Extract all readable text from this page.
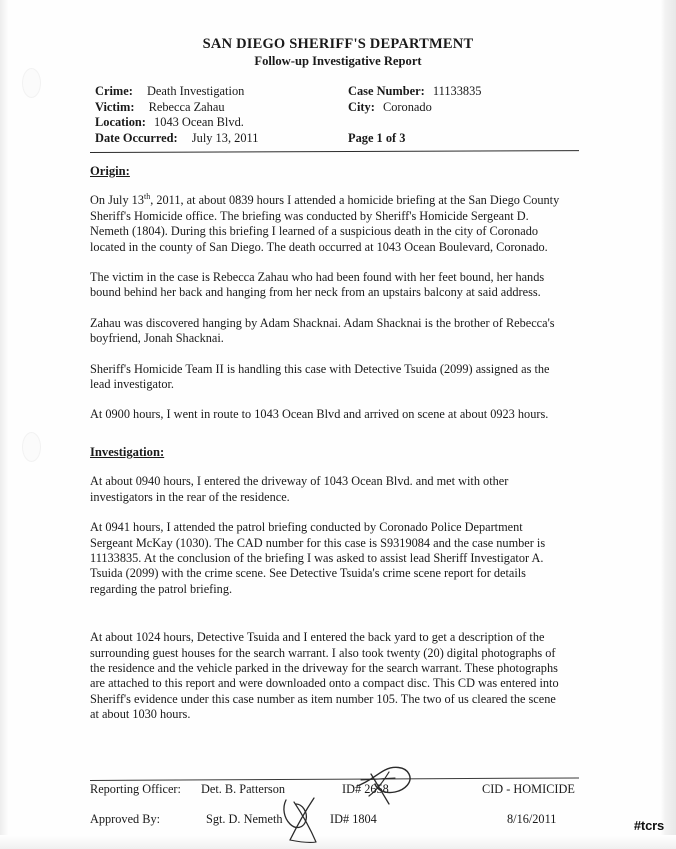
SAN DIEGO SHERIFF'S DEPARTMENT
Follow-up Investigative Report
Crime: Death Investigation	Case Number: 11133835
Victim: Rebecca Zahau	City: Coronado
Location: 1043 Ocean Blvd.
Date Occurred: July 13, 2011	Page 1 of 3
Origin:

On July 13th, 2011, at about 0839 hours I attended a homicide briefing at the San Diego County Sheriff's Homicide office. The briefing was conducted by Sheriff's Homicide Sergeant D. Nemeth (1804). During this briefing I learned of a suspicious death in the city of Coronado located in the county of San Diego. The death occurred at 1043 Ocean Boulevard, Coronado.

The victim in the case is Rebecca Zahau who had been found with her feet bound, her hands bound behind her back and hanging from her neck from an upstairs balcony at said address.

Zahau was discovered hanging by Adam Shacknai. Adam Shacknai is the brother of Rebecca's boyfriend, Jonah Shacknai.

Sheriff's Homicide Team II is handling this case with Detective Tsuida (2099) assigned as the lead investigator.

At 0900 hours, I went in route to 1043 Ocean Blvd and arrived on scene at about 0923 hours.

Investigation:

At about 0940 hours, I entered the driveway of 1043 Ocean Blvd. and met with other investigators in the rear of the residence.

At 0941 hours, I attended the patrol briefing conducted by Coronado Police Department Sergeant McKay (1030). The CAD number for this case is S9319084 and the case number is 11133835. At the conclusion of the briefing I was asked to assist lead Sheriff Investigator A. Tsuida (2099) with the crime scene. See Detective Tsuida's crime scene report for details regarding the patrol briefing.

At about 1024 hours, Detective Tsuida and I entered the back yard to get a description of the surrounding guest houses for the search warrant. I also took twenty (20) digital photographs of the residence and the vehicle parked in the driveway for the search warrant. These photographs are attached to this report and were downloaded onto a compact disc. This CD was entered into Sheriff's evidence under this case number as item number 105. The two of us cleared the scene at about 1030 hours.

Reporting Officer: Det. B. Patterson	ID# 2658	CID - HOMICIDE
Approved By:	Sgt. D. Nemeth	ID# 1804	8/16/2011	#tcrs
